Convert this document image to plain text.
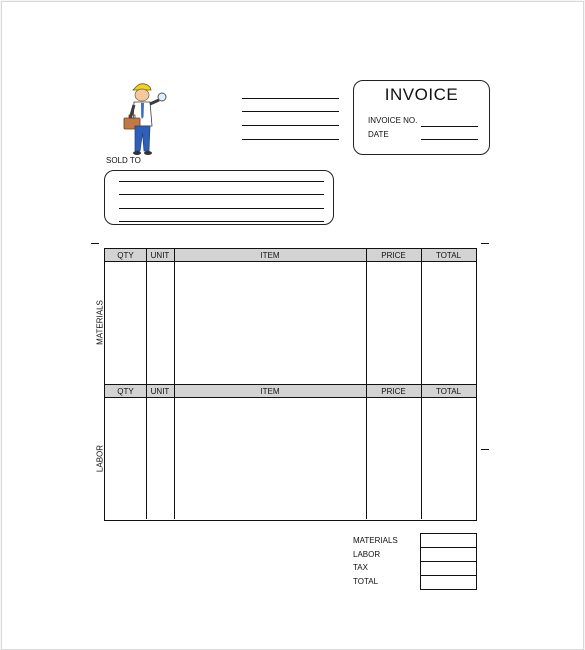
INVOICE
INVOICE NO.
DATE
SOLD TO
QTY	UNIT	ITEM	PRICE	TOTAL
QTY	UNIT	ITEM	PRICE	TOTAL
MATERIALS
LABOR
MATERIALS
LABOR
TAX
TOTAL
